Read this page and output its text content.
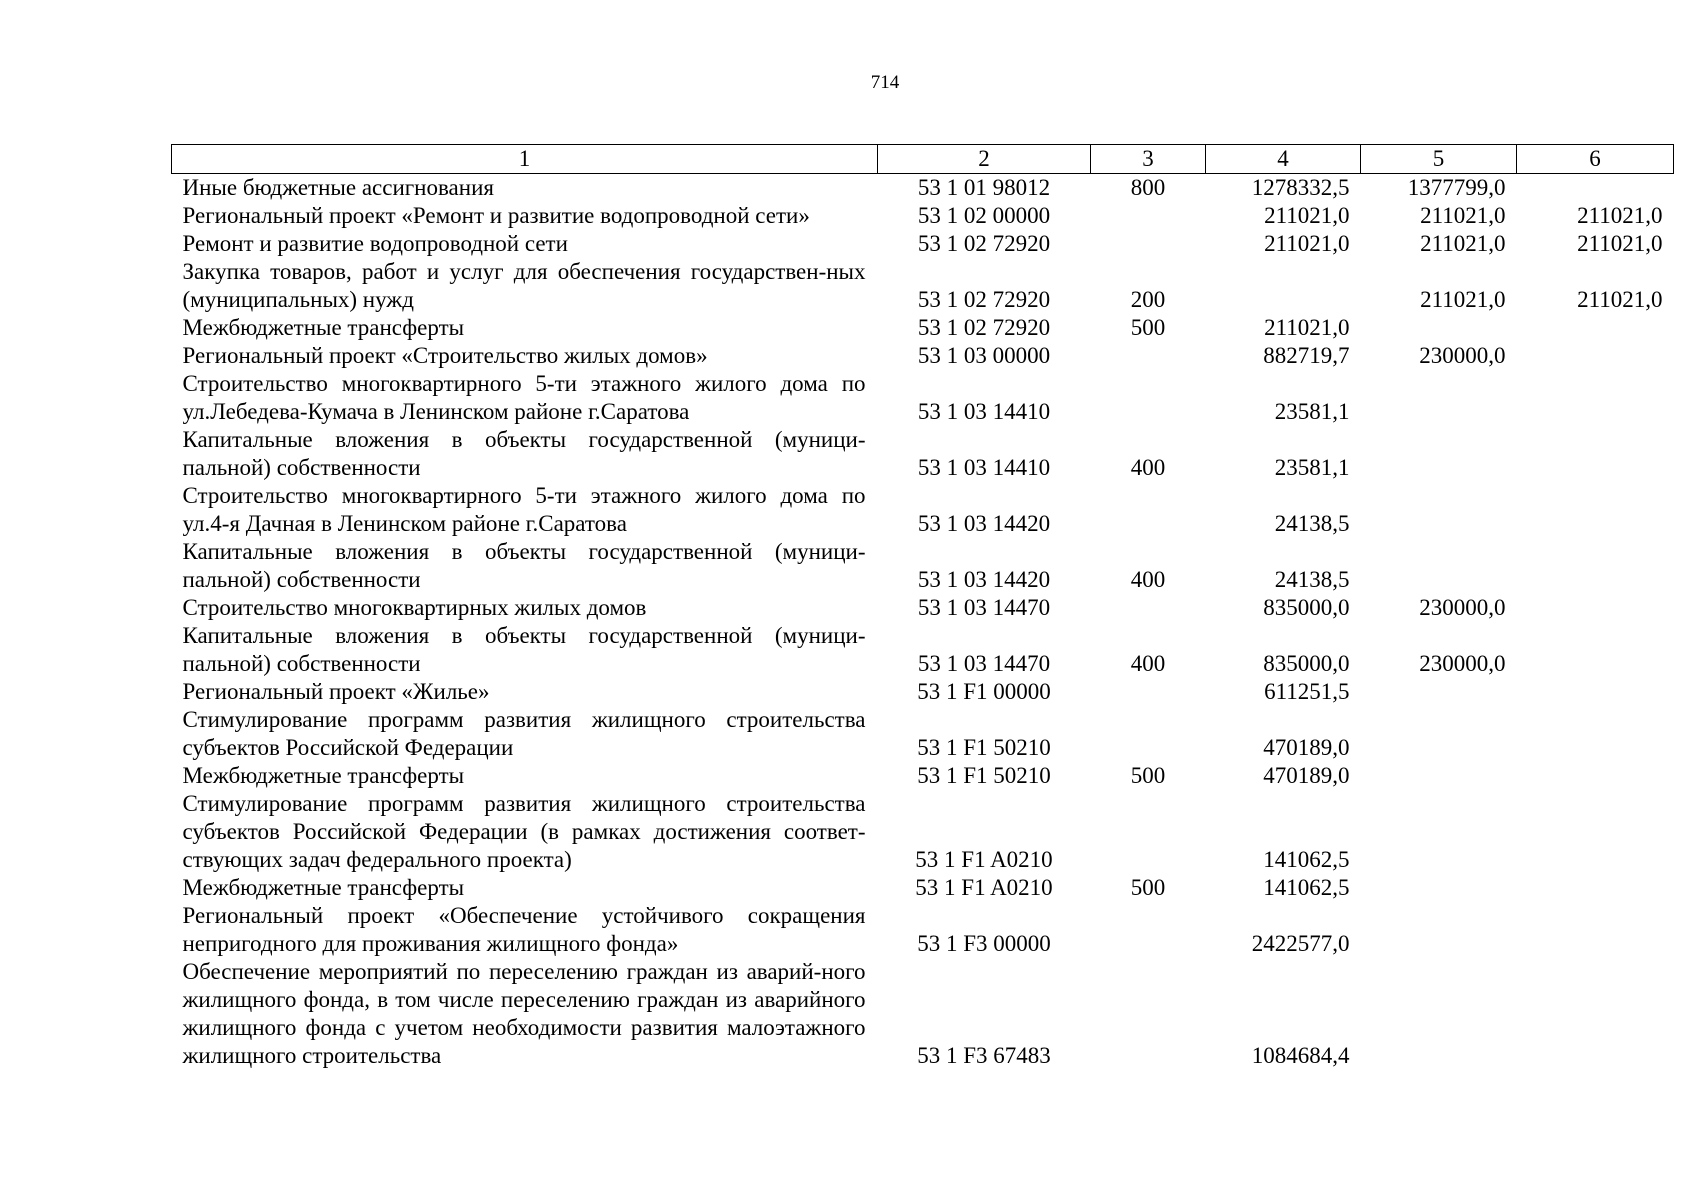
714
1	2	3	4	5	6
Иные бюджетные ассигнования	53 1 01 98012	800	1278332,5	1377799,0	
Региональный проект «Ремонт и развитие водопроводной сети»	53 1 02 00000		211021,0	211021,0	211021,0
Ремонт и развитие водопроводной сети	53 1 02 72920		211021,0	211021,0	211021,0
Закупка товаров, работ и услуг для обеспечения государствен-ных (муниципальных) нужд	53 1 02 72920	200		211021,0	211021,0
Межбюджетные трансферты	53 1 02 72920	500	211021,0		
Региональный проект «Строительство жилых домов»	53 1 03 00000		882719,7	230000,0	
Строительство многоквартирного 5-ти этажного жилого дома по ул.Лебедева-Кумача в Ленинском районе г.Саратова	53 1 03 14410		23581,1		
Капитальные вложения в объекты государственной (муници-пальной) собственности	53 1 03 14410	400	23581,1		
Строительство многоквартирного 5-ти этажного жилого дома по ул.4-я Дачная в Ленинском районе г.Саратова	53 1 03 14420		24138,5		
Капитальные вложения в объекты государственной (муници-пальной) собственности	53 1 03 14420	400	24138,5		
Строительство многоквартирных жилых домов	53 1 03 14470		835000,0	230000,0	
Капитальные вложения в объекты государственной (муници-пальной) собственности	53 1 03 14470	400	835000,0	230000,0	
Региональный проект «Жилье»	53 1 F1 00000		611251,5		
Стимулирование программ развития жилищного строительства субъектов Российской Федерации	53 1 F1 50210		470189,0		
Межбюджетные трансферты	53 1 F1 50210	500	470189,0		
Стимулирование программ развития жилищного строительства субъектов Российской Федерации (в рамках достижения соответ-ствующих задач федерального проекта)	53 1 F1 A0210		141062,5		
Межбюджетные трансферты	53 1 F1 A0210	500	141062,5		
Региональный проект «Обеспечение устойчивого сокращения непригодного для проживания жилищного фонда»	53 1 F3 00000		2422577,0		
Обеспечение мероприятий по переселению граждан из аварий-ного жилищного фонда, в том числе переселению граждан из аварийного жилищного фонда с учетом необходимости развития малоэтажного жилищного строительства	53 1 F3 67483		1084684,4		
